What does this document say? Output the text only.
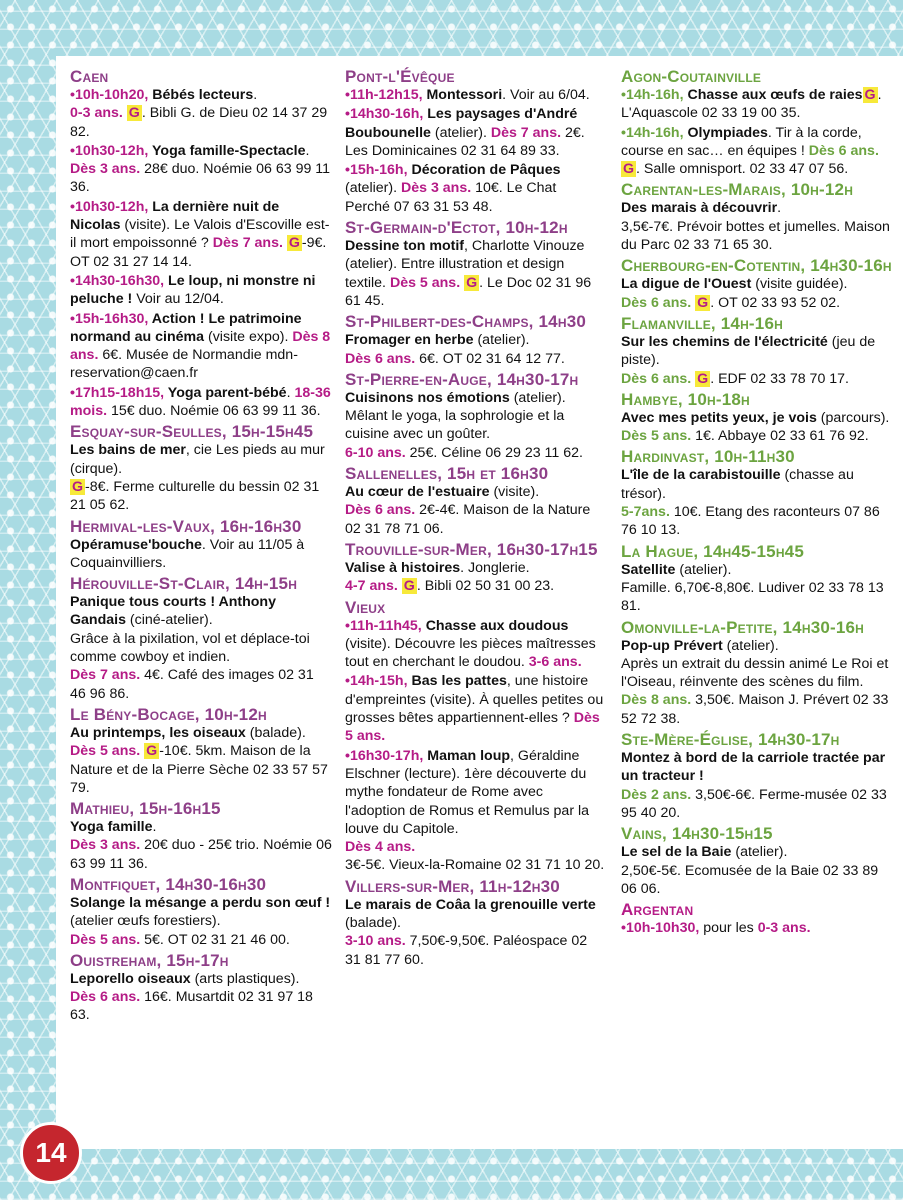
Caen
•10h-10h20, Bébés lecteurs.
0-3 ans. G . Bibli G. de Dieu 02 14 37 29 82.
•10h30-12h, Yoga famille-Spectacle. Dès 3 ans. 28€ duo. Noémie 06 63 99 11 36.
•10h30-12h, La dernière nuit de Nicolas (visite). Le Valois d'Escoville est-il mort empoissonné ? Dès 7 ans. G -9€. OT 02 31 27 14 14.
•14h30-16h30, Le loup, ni monstre ni peluche ! Voir au 12/04.
•15h-16h30, Action ! Le patrimoine normand au cinéma (visite expo). Dès 8 ans. 6€. Musée de Normandie mdn-reservation@caen.fr
•17h15-18h15, Yoga parent-bébé. 18-36 mois. 15€ duo. Noémie 06 63 99 11 36.
Esquay-sur-Seulles, 15h-15h45
Les bains de mer, cie Les pieds au mur (cirque).
G -8€. Ferme culturelle du bessin 02 31 21 05 62.
Hermival-les-Vaux, 16h-16h30
Opéramuse'bouche. Voir au 11/05 à Coquainvilliers.
Hérouville-St-Clair, 14h-15h
Panique tous courts ! Anthony Gandais (ciné-atelier).
Grâce à la pixilation, vol et déplace-toi comme cowboy et indien.
Dès 7 ans. 4€. Café des images 02 31 46 96 86.
Le Bény-Bocage, 10h-12h
Au printemps, les oiseaux (balade). Dès 5 ans. G -10€. 5km. Maison de la Nature et de la Pierre Sèche 02 33 57 57 79.
Mathieu, 15h-16h15
Yoga famille.
Dès 3 ans. 20€ duo - 25€ trio. Noémie 06 63 99 11 36.
Montfiquet, 14h30-16h30
Solange la mésange a perdu son œuf ! (atelier œufs forestiers).
Dès 5 ans. 5€. OT 02 31 21 46 00.
Ouistreham, 15h-17h
Leporello oiseaux (arts plastiques).
Dès 6 ans. 16€. Musartdit 02 31 97 18 63.
Pont-l'Évêque
•11h-12h15, Montessori. Voir au 6/04.
•14h30-16h, Les paysages d'André Boubounelle (atelier). Dès 7 ans. 2€. Les Dominicaines 02 31 64 89 33.
•15h-16h, Décoration de Pâques (atelier). Dès 3 ans. 10€. Le Chat Perché 07 63 31 53 48.
St-Germain-d'Ectot, 10h-12h
Dessine ton motif, Charlotte Vinouze (atelier). Entre illustration et design textile. Dès 5 ans. G . Le Doc 02 31 96 61 45.
St-Philbert-des-Champs, 14h30
Fromager en herbe (atelier).
Dès 6 ans. 6€. OT 02 31 64 12 77.
St-Pierre-en-Auge, 14h30-17h
Cuisinons nos émotions (atelier). Mêlant le yoga, la sophrologie et la cuisine avec un goûter.
6-10 ans. 25€. Céline 06 29 23 11 62.
Sallenelles, 15h et 16h30
Au cœur de l'estuaire (visite).
Dès 6 ans. 2€-4€. Maison de la Nature 02 31 78 71 06.
Trouville-sur-Mer, 16h30-17h15
Valise à histoires. Jonglerie.
4-7 ans. G . Bibli 02 50 31 00 23.
Vieux
•11h-11h45, Chasse aux doudous (visite). Découvre les pièces maîtresses tout en cherchant le doudou. 3-6 ans.
•14h-15h, Bas les pattes, une histoire d'empreintes (visite). À quelles petites ou grosses bêtes appartiennent-elles ? Dès 5 ans.
•16h30-17h, Maman loup, Géraldine Elschner (lecture). 1ère découverte du mythe fondateur de Rome avec l'adoption de Romus et Remulus par la louve du Capitole.
Dès 4 ans.
3€-5€. Vieux-la-Romaine 02 31 71 10 20.
Villers-sur-Mer, 11h-12h30
Le marais de Coâa la grenouille verte (balade).
3-10 ans. 7,50€-9,50€. Paléospace 02 31 81 77 60.
Agon-Coutainville
•14h-16h, Chasse aux œufs de raies G . L'Aquascole 02 33 19 00 35.
•14h-16h, Olympiades. Tir à la corde, course en sac… en équipes ! Dès 6 ans. G . Salle omnisport. 02 33 47 07 56.
Carentan-les-Marais, 10h-12h
Des marais à découvrir.
3,5€-7€. Prévoir bottes et jumelles. Maison du Parc 02 33 71 65 30.
Cherbourg-en-Cotentin, 14h30-16h
La digue de l'Ouest (visite guidée).
Dès 6 ans. G . OT 02 33 93 52 02.
Flamanville, 14h-16h
Sur les chemins de l'électricité (jeu de piste).
Dès 6 ans. G . EDF 02 33 78 70 17.
Hambye, 10h-18h
Avec mes petits yeux, je vois (parcours).
Dès 5 ans. 1€. Abbaye 02 33 61 76 92.
Hardinvast, 10h-11h30
L'île de la carabistouille (chasse au trésor).
5-7ans. 10€. Etang des raconteurs 07 86 76 10 13.
La Hague, 14h45-15h45
Satellite (atelier).
Famille. 6,70€-8,80€. Ludiver 02 33 78 13 81.
Omonville-la-Petite, 14h30-16h
Pop-up Prévert (atelier).
Après un extrait du dessin animé Le Roi et l'Oiseau, réinvente des scènes du film.
Dès 8 ans. 3,50€. Maison J. Prévert 02 33 52 72 38.
Ste-Mère-Église, 14h30-17h
Montez à bord de la carriole tractée par un tracteur !
Dès 2 ans. 3,50€-6€. Ferme-musée 02 33 95 40 20.
Vains, 14h30-15h15
Le sel de la Baie (atelier).
2,50€-5€. Ecomusée de la Baie 02 33 89 06 06.
Argentan
•10h-10h30, pour les 0-3 ans.
14
